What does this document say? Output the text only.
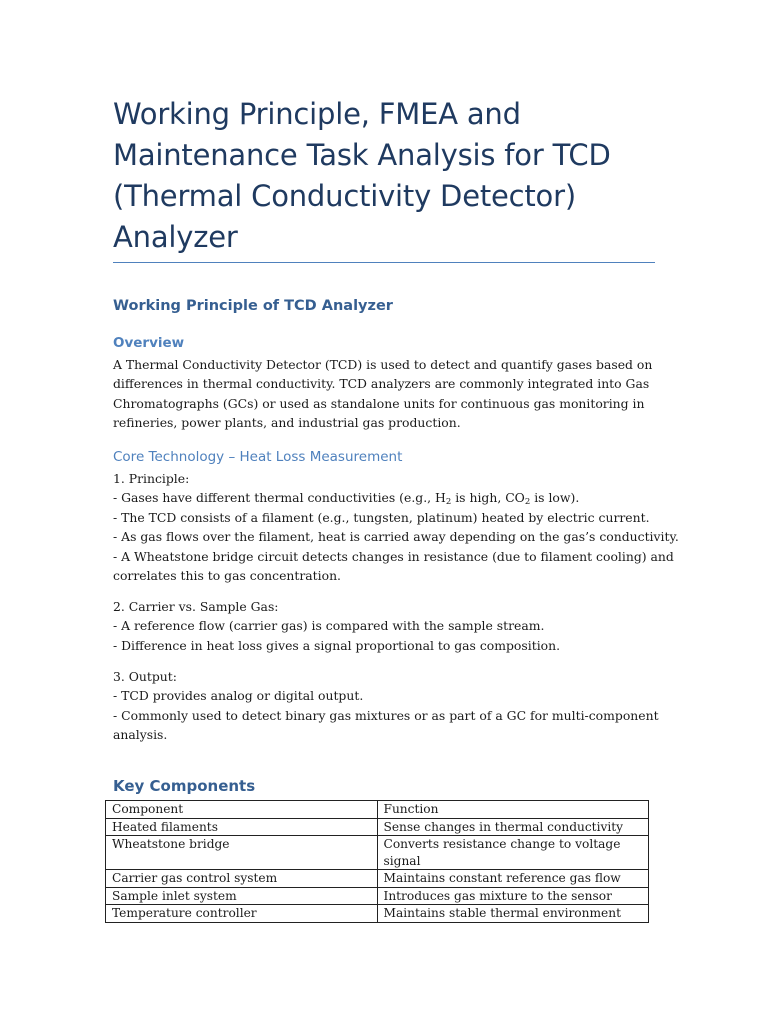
Working Principle, FMEA and
Maintenance Task Analysis for TCD
(Thermal Conductivity Detector)
Analyzer
Working Principle of TCD Analyzer
Overview

A Thermal Conductivity Detector (TCD) is used to detect and quantify gases based on
differences in thermal conductivity. TCD analyzers are commonly integrated into Gas
Chromatographs (GCs) or used as standalone units for continuous gas monitoring in
refineries, power plants, and industrial gas production.

Core Technology – Heat Loss Measurement

1. Principle:
- Gases have different thermal conductivities (e.g., $H_2$ is high, $CO_2$ is low).
- The TCD consists of a filament (e.g., tungsten, platinum) heated by electric current.
- As gas flows over the filament, heat is carried away depending on the gas’s conductivity.
- A Wheatstone bridge circuit detects changes in resistance (due to filament cooling) and
correlates this to gas concentration.

2. Carrier vs. Sample Gas:
- A reference flow (carrier gas) is compared with the sample stream.
- Difference in heat loss gives a signal proportional to gas composition.

3. Output:
- TCD provides analog or digital output.
- Commonly used to detect binary gas mixtures or as part of a GC for multi-component
analysis.

Key Components
Component	Function
Heated filaments	Sense changes in thermal conductivity
Wheatstone bridge	Converts resistance change to voltage signal
Carrier gas control system	Maintains constant reference gas flow
Sample inlet system	Introduces gas mixture to the sensor
Temperature controller	Maintains stable thermal environment
